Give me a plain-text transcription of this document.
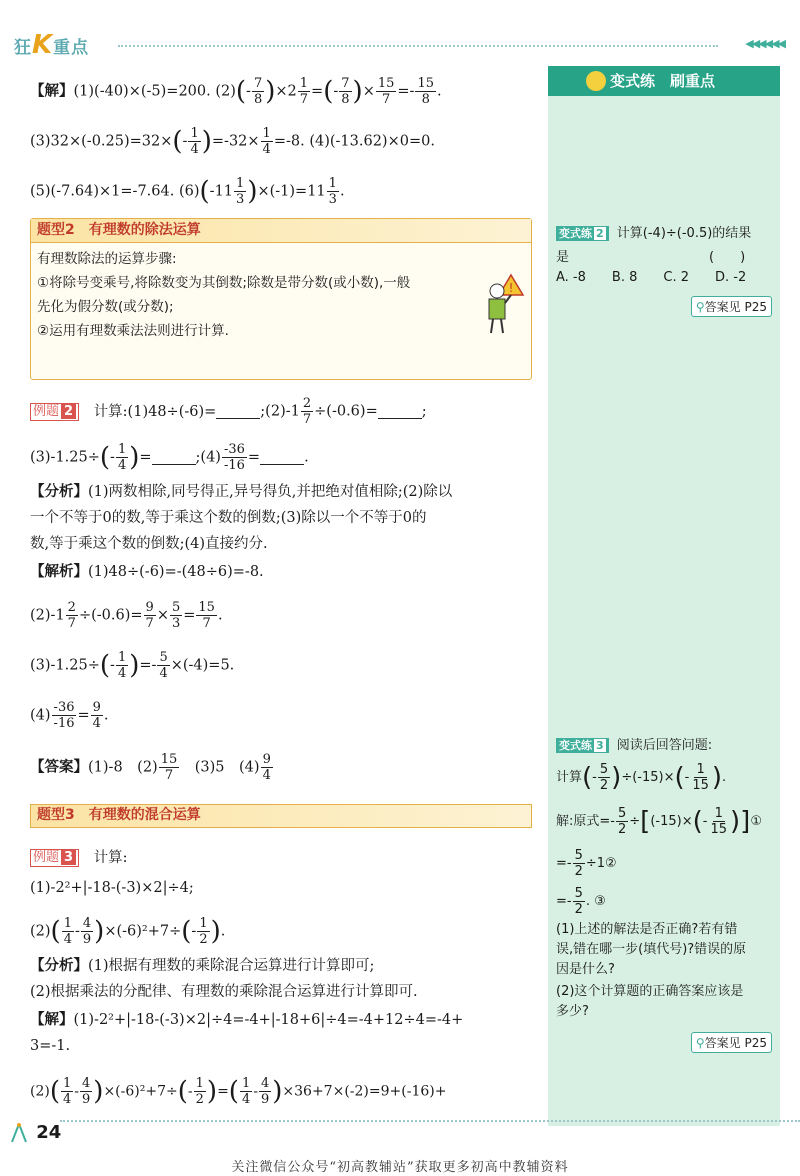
狂K重点	◀◀◀◀◀◀
【解】(1)(-40)×(-5)=200. $(2)(- \frac{7}{8} )\times 2 \frac{1}{7}$ =(- $\frac{7}{8}$ )× $\frac{15}{7} =- \frac{15}{8}$ .
$(3)32\times(-0.25)=32\times(- \frac{1}{4} )=-32\times \frac{1}{4} =-8$. (4)(-13.62)×0=0.
(5)(-7.64)×1=-7.64. $(6)(-11 \frac{1}{3} )\times(-1)=11 \frac{1}{3}$ .
题型2　有理数的除法运算
有理数除法的运算步骤:
①将除号变乘号,将除数变为其倒数;除数是带分数(或小数),一般
先化为假分数(或分数);
②运用有理数乘法法则进行计算.
!
例题 2 计算:(1)48÷(-6)=	;(2)-1 $\frac{2}{7} \div(-0.6)=$	;
$(3)-1.25\div(- \frac{1}{4}$ )=	;(4) $\frac{-36}{-16}$ =	.
【分析】(1)两数相除,同号得正,异号得负,并把绝对值相除;(2)除以
一个不等于0的数,等于乘这个数的倒数;(3)除以一个不等于0的
数,等于乘这个数的倒数;(4)直接约分.
【解析】(1)48÷(-6)=-(48÷6)=-8.
$(2)-1 \frac{2}{7} \div(-0.6)= \frac{9}{7} \times \frac{5}{3} = \frac{15}{7}$ .
$(3)-1.25\div(- \frac{1}{4}$ )=- $\frac{5}{4} \times(-4)=5$.
$(4) \frac{-36}{-16} = \frac{9}{4}$ .
【答案】(1)-8　$(2) \frac{15}{7}$ 　(3)5　$(4) \frac{9}{4}$
题型3　有理数的混合运算
例题 3 计算:
(1)-2²+|-18-(-3)×2|÷4;
$(2)( \frac{1}{4} - \frac{4}{9} )\times(-6)^2+7\div(- \frac{1}{2}$ ).
【分析】(1)根据有理数的乘除混合运算进行计算即可;
(2)根据乘法的分配律、有理数的乘除混合运算进行计算即可.
【解】(1)-2²+|-18-(-3)×2|÷4=-4+|-18+6|÷4=-4+12÷4=-4+
3=-1.
$(2)( \frac{1}{4} - \frac{4}{9} )\times(-6)^2+7\div(- \frac{1}{2}$ )=( $\frac{1}{4} - \frac{4}{9} )\times 36+7\times(-2)=9+(-16)+$
变式练　刷重点
变式练 2 计算(-4)÷(-0.5)的结果
是	(　　)
A. -8 B. 8 C. 2 D. -2
⚲答案见 P25
变式练 3 阅读后回答问题:
计算(- $\frac{5}{2} )\div(-15)\times(- \frac{1}{15}$ ).
解:原式=- $\frac{5}{2} \div[(-15)\times(- \frac{1}{15}$ )]①
=- $\frac{5}{2}$ ÷1②
=- $\frac{5}{2}$ . ③
(1)上述的解法是否正确?若有错
误,错在哪一步(填代号)?错误的原
因是什么?
(2)这个计算题的正确答案应该是
多少?
⚲答案见 P25
24
关注微信公众号“初高教辅站”获取更多初高中教辅资料
